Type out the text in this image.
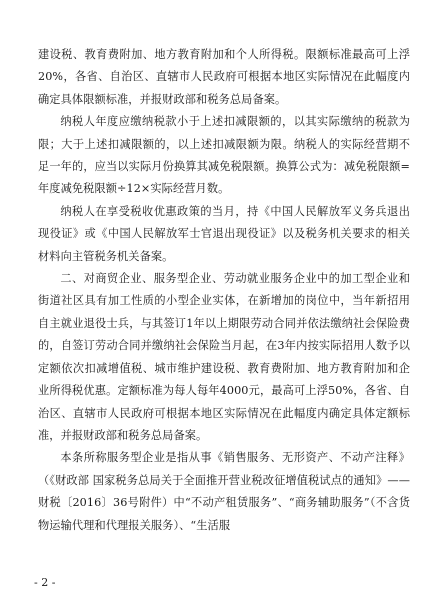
建设税、教育费附加、地方教育附加和个人所得税。限额标准最高可上浮20%，各省、自治区、直辖市人民政府可根据本地区实际情况在此幅度内确定具体限额标准，并报财政部和税务总局备案。

纳税人年度应缴纳税款小于上述扣减限额的，以其实际缴纳的税款为限；大于上述扣减限额的，以上述扣减限额为限。纳税人的实际经营期不足一年的，应当以实际月份换算其减免税限额。换算公式为：减免税限额=年度减免税限额÷12×实际经营月数。

纳税人在享受税收优惠政策的当月，持《中国人民解放军义务兵退出现役证》或《中国人民解放军士官退出现役证》以及税务机关要求的相关材料向主管税务机关备案。

二、对商贸企业、服务型企业、劳动就业服务企业中的加工型企业和街道社区具有加工性质的小型企业实体，在新增加的岗位中，当年新招用自主就业退役士兵，与其签订1年以上期限劳动合同并依法缴纳社会保险费的，自签订劳动合同并缴纳社会保险当月起，在3年内按实际招用人数予以定额依次扣减增值税、城市维护建设税、教育费附加、地方教育附加和企业所得税优惠。定额标准为每人每年4000元，最高可上浮50%，各省、自治区、直辖市人民政府可根据本地区实际情况在此幅度内确定具体定额标准，并报财政部和税务总局备案。

本条所称服务型企业是指从事《销售服务、无形资产、不动产注释》（《财政部 国家税务总局关于全面推开营业税改征增值税试点的通知》——财税〔2016〕36号附件）中“不动产租赁服务”、“商务辅助服务”（不含货物运输代理和代理报关服务）、“生活服

- 2 -
